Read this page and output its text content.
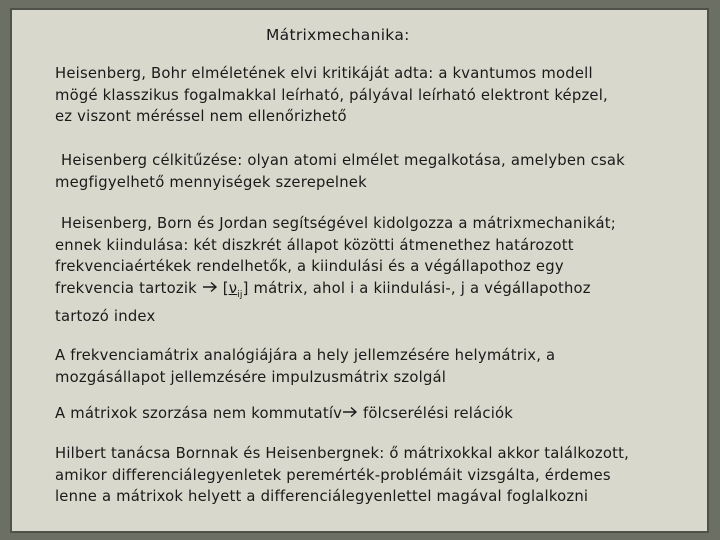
Mátrixmechanika:
Heisenberg, Bohr elméletének elvi kritikáját adta: a kvantumos modell
mögé klasszikus fogalmakkal leírható, pályával leírható elektront képzel,
ez viszont méréssel nem ellenőrizhető
Heisenberg célkitűzése: olyan atomi elmélet megalkotása, amelyben csak
megfigyelhető mennyiségek szerepelnek
Heisenberg, Born és Jordan segítségével kidolgozza a mátrixmechanikát;
ennek kiindulása: két diszkrét állapot közötti átmenethez határozott
frekvenciaértékek rendelhetők, a kiindulási és a végállapothoz egy
frekvencia tartozik $[\nu_{ij}]$ mátrix, ahol i a kiindulási-, j a végállapothoz
tartozó index
A frekvenciamátrix analógiájára a hely jellemzésére helymátrix, a
mozgásállapot jellemzésére impulzusmátrix szolgál
A mátrixok szorzása nem kommutatív fölcserélési relációk
Hilbert tanácsa Bornnak és Heisenbergnek: ő mátrixokkal akkor találkozott,
amikor differenciálegyenletek peremérték-problémáit vizsgálta, érdemes
lenne a mátrixok helyett a differenciálegyenlettel magával foglalkozni
